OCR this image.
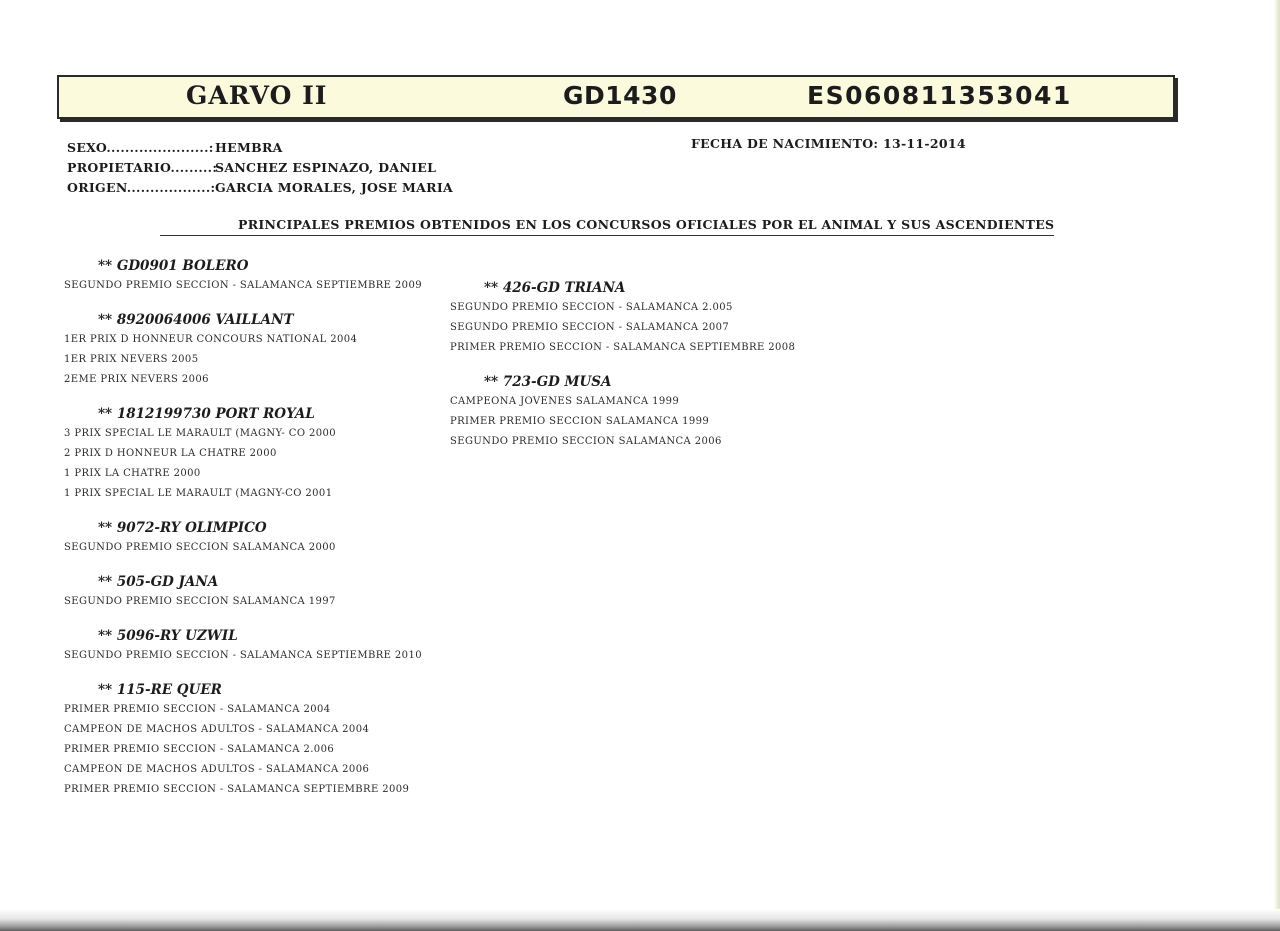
GARVO II	GD1430	ES060811353041
SEXO......................:HEMBRA
PROPIETARIO.........:SANCHEZ ESPINAZO, DANIEL
ORIGEN..................:GARCIA MORALES, JOSE MARIA
FECHA DE NACIMIENTO: 13-11-2014
PRINCIPALES PREMIOS OBTENIDOS EN LOS CONCURSOS OFICIALES POR EL ANIMAL Y SUS ASCENDIENTES
** GD0901 BOLERO
SEGUNDO PREMIO SECCION - SALAMANCA SEPTIEMBRE 2009
** 8920064006 VAILLANT
1ER PRIX D HONNEUR CONCOURS NATIONAL 2004
1ER PRIX NEVERS 2005
2EME PRIX NEVERS 2006
** 1812199730 PORT ROYAL
3 PRIX SPECIAL LE MARAULT (MAGNY- CO 2000
2 PRIX D HONNEUR LA CHATRE 2000
1 PRIX LA CHATRE 2000
1 PRIX SPECIAL LE MARAULT (MAGNY-CO 2001
** 9072-RY OLIMPICO
SEGUNDO PREMIO SECCION SALAMANCA 2000
** 505-GD JANA
SEGUNDO PREMIO SECCION SALAMANCA 1997
** 5096-RY UZWIL
SEGUNDO PREMIO SECCION - SALAMANCA SEPTIEMBRE 2010
** 115-RE QUER
PRIMER PREMIO SECCION - SALAMANCA 2004
CAMPEON DE MACHOS ADULTOS - SALAMANCA 2004
PRIMER PREMIO SECCION - SALAMANCA 2.006
CAMPEON DE MACHOS ADULTOS - SALAMANCA 2006
PRIMER PREMIO SECCION - SALAMANCA SEPTIEMBRE 2009
** 426-GD TRIANA
SEGUNDO PREMIO SECCION - SALAMANCA 2.005
SEGUNDO PREMIO SECCION - SALAMANCA 2007
PRIMER PREMIO SECCION - SALAMANCA SEPTIEMBRE 2008
** 723-GD MUSA
CAMPEONA JOVENES SALAMANCA 1999
PRIMER PREMIO SECCION SALAMANCA 1999
SEGUNDO PREMIO SECCION SALAMANCA 2006
